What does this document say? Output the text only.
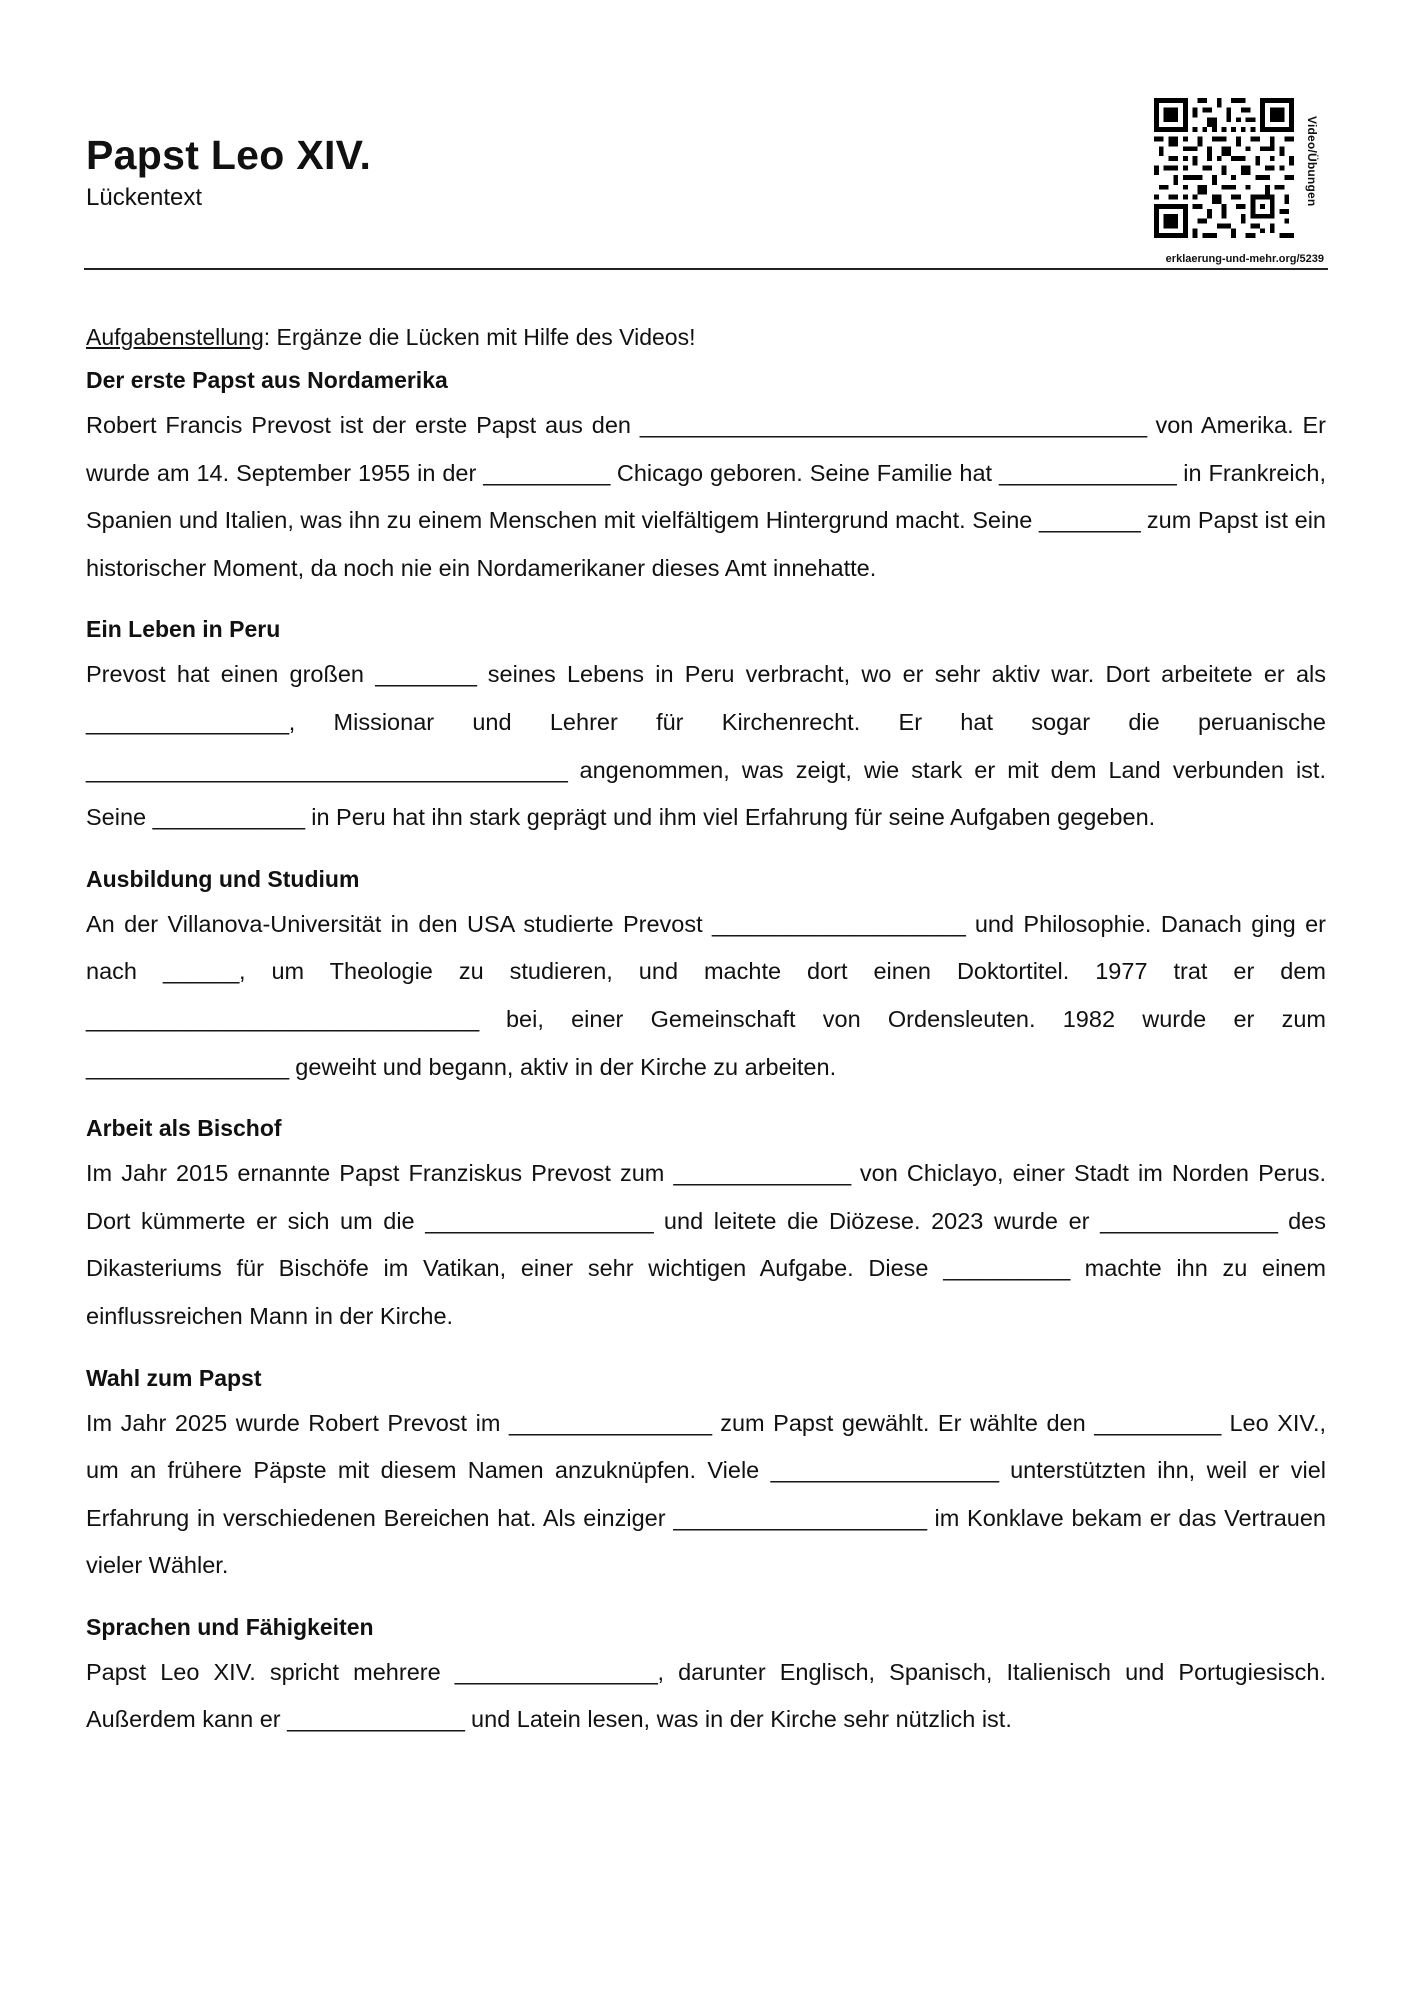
Papst Leo XIV.
Lückentext	Video/Übungen
erklaerung-und-mehr.org/5239

Aufgabenstellung: Ergänze die Lücken mit Hilfe des Videos!

Der erste Papst aus Nordamerika

Robert Francis Prevost ist der erste Papst aus den ________________________________________ von Amerika. Er wurde am 14. September 1955 in der __________ Chicago geboren. Seine Familie hat ______________ in Frankreich, Spanien und Italien, was ihn zu einem Menschen mit vielfältigem Hintergrund macht. Seine ________ zum Papst ist ein historischer Moment, da noch nie ein Nordamerikaner dieses Amt innehatte.

Ein Leben in Peru

Prevost hat einen großen ________ seines Lebens in Peru verbracht, wo er sehr aktiv war. Dort arbeitete er als ________________, Missionar und Lehrer für Kirchenrecht. Er hat sogar die peruanische ______________________________________ angenommen, was zeigt, wie stark er mit dem Land verbunden ist. Seine ____________ in Peru hat ihn stark geprägt und ihm viel Erfahrung für seine Aufgaben gegeben.

Ausbildung und Studium

An der Villanova-Universität in den USA studierte Prevost ____________________ und Philosophie. Danach ging er nach ______, um Theologie zu studieren, und machte dort einen Doktortitel. 1977 trat er dem _______________________________ bei, einer Gemeinschaft von Ordensleuten. 1982 wurde er zum ________________ geweiht und begann, aktiv in der Kirche zu arbeiten.

Arbeit als Bischof

Im Jahr 2015 ernannte Papst Franziskus Prevost zum ______________ von Chiclayo, einer Stadt im Norden Perus. Dort kümmerte er sich um die __________________ und leitete die Diözese. 2023 wurde er ______________ des Dikasteriums für Bischöfe im Vatikan, einer sehr wichtigen Aufgabe. Diese __________ machte ihn zu einem einflussreichen Mann in der Kirche.

Wahl zum Papst

Im Jahr 2025 wurde Robert Prevost im ________________ zum Papst gewählt. Er wählte den __________ Leo XIV., um an frühere Päpste mit diesem Namen anzuknüpfen. Viele __________________ unterstützten ihn, weil er viel Erfahrung in verschiedenen Bereichen hat. Als einziger ____________________ im Konklave bekam er das Vertrauen vieler Wähler.

Sprachen und Fähigkeiten

Papst Leo XIV. spricht mehrere ________________, darunter Englisch, Spanisch, Italienisch und Portugiesisch. Außerdem kann er ______________ und Latein lesen, was in der Kirche sehr nützlich ist.
